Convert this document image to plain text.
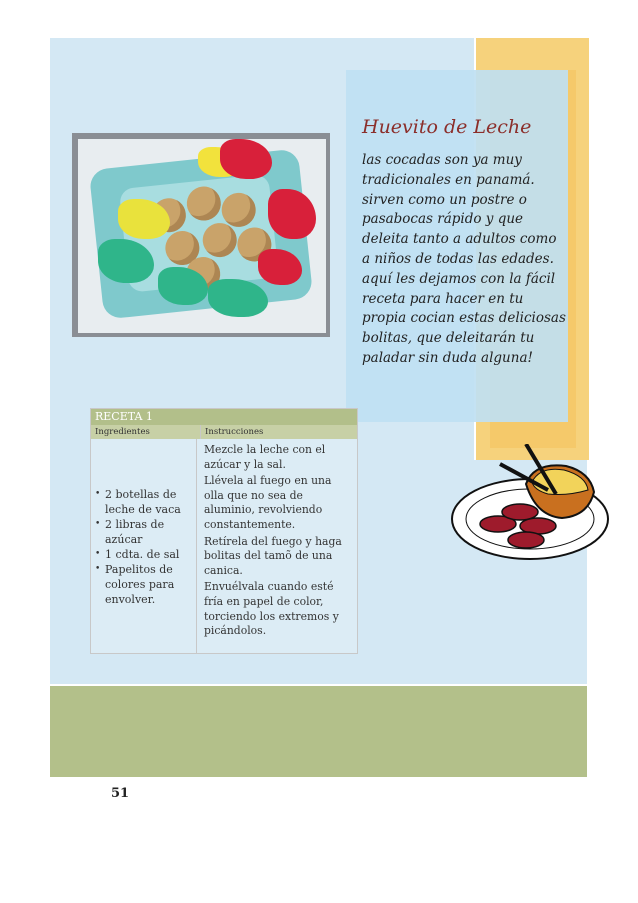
Huevito de Leche

las cocadas son ya muy tradicionales en panamá. sirven como un postre o pasabocas rápido y que deleita tanto a adultos como a niños de todas las edades. aquí les dejamos con la fácil receta para hacer en tu propia cocian estas deliciosas bolitas, que deleitarán tu paladar sin duda alguna!

RECETA 1
Ingredientes	Instrucciones
• 2 botellas de leche de vaca
• 2 libras de azúcar
• 1 cdta. de sal
• Papelitos de colores para envolver.

Mezcle la leche con el azúcar y la sal.

Llévela al fuego en una olla que no sea de aluminio, revolviendo constantemente.

Retírela del fuego y haga bolitas del tamõ de una canica.

Envuélvala cuando esté fría en papel de color, torciendo los extremos y picándolos.

51
